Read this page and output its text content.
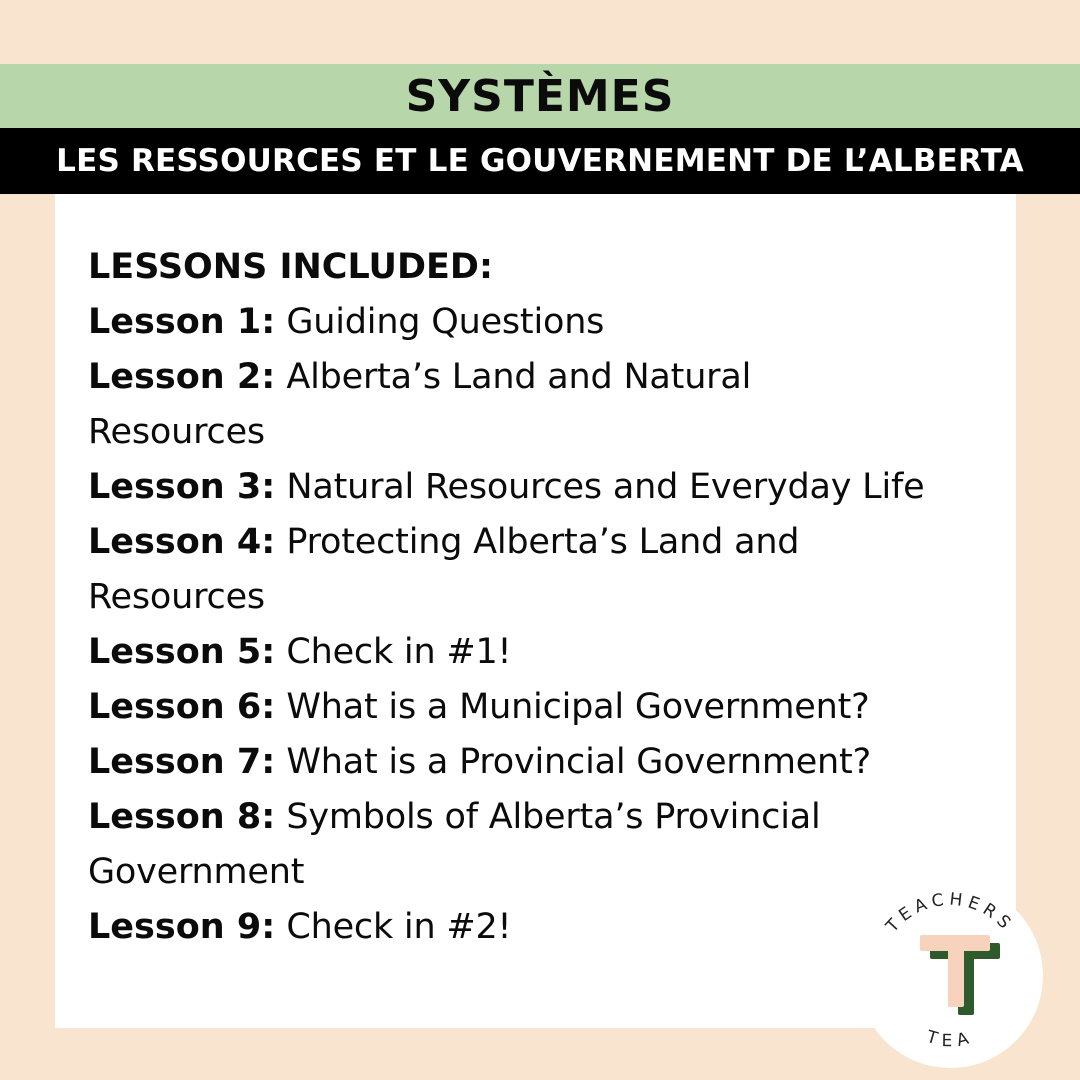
SYSTÈMES
LES RESSOURCES ET LE GOUVERNEMENT DE L’ALBERTA

LESSONS INCLUDED:

Lesson 1: Guiding Questions

Lesson 2: Alberta’s Land and Natural Resources

Lesson 3: Natural Resources and Everyday Life

Lesson 4: Protecting Alberta’s Land and Resources

Lesson 5: Check in #1!

Lesson 6: What is a Municipal Government?

Lesson 7: What is a Provincial Government?

Lesson 8: Symbols of Alberta’s Provincial Government

Lesson 9: Check in #2!	TEACHERS
TEA
